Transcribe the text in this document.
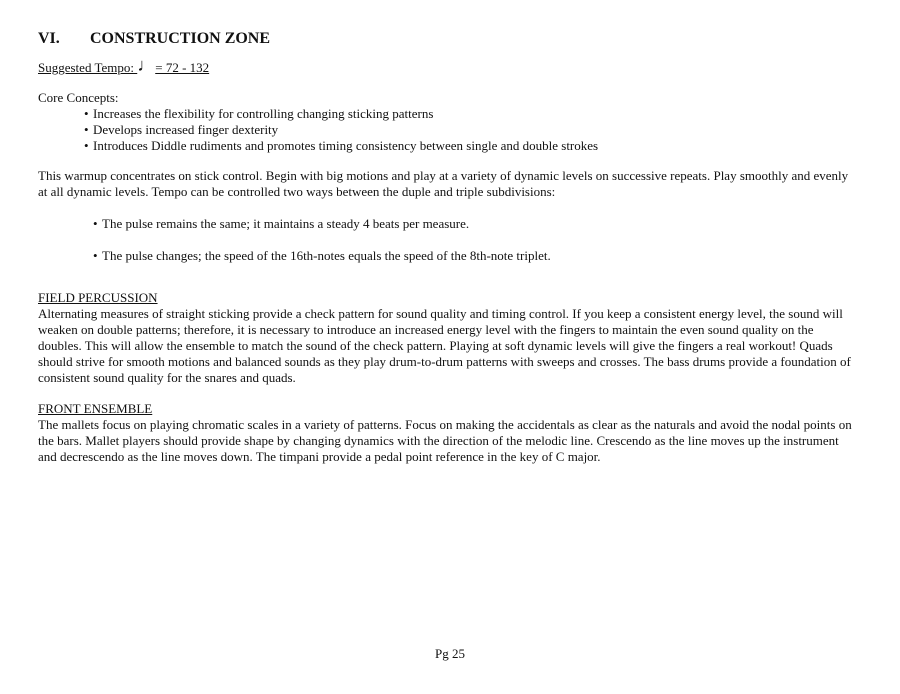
VI.	CONSTRUCTION ZONE
Suggested Tempo: ♩= 72 - 132

Core Concepts:

• Increases the flexibility for controlling changing sticking patterns
• Develops increased finger dexterity
• Introduces Diddle rudiments and promotes timing consistency between single and double strokes

This warmup concentrates on stick control. Begin with big motions and play at a variety of dynamic levels on successive repeats. Play smoothly and evenly at all dynamic levels. Tempo can be controlled two ways between the duple and triple subdivisions:

• The pulse remains the same; it maintains a steady 4 beats per measure.
• The pulse changes; the speed of the 16th-notes equals the speed of the 8th-note triplet.

FIELD PERCUSSION

Alternating measures of straight sticking provide a check pattern for sound quality and timing control. If you keep a consistent energy level, the sound will weaken on double patterns; therefore, it is necessary to introduce an increased energy level with the fingers to maintain the even sound quality on the doubles. This will allow the ensemble to match the sound of the check pattern. Playing at soft dynamic levels will give the fingers a real workout! Quads should strive for smooth motions and balanced sounds as they play drum-to-drum patterns with sweeps and crosses. The bass drums provide a foundation of consistent sound quality for the snares and quads.

FRONT ENSEMBLE

The mallets focus on playing chromatic scales in a variety of patterns. Focus on making the accidentals as clear as the naturals and avoid the nodal points on the bars. Mallet players should provide shape by changing dynamics with the direction of the melodic line. Crescendo as the line moves up the instrument and decrescendo as the line moves down. The timpani provide a pedal point reference in the key of C major.

Pg 25
